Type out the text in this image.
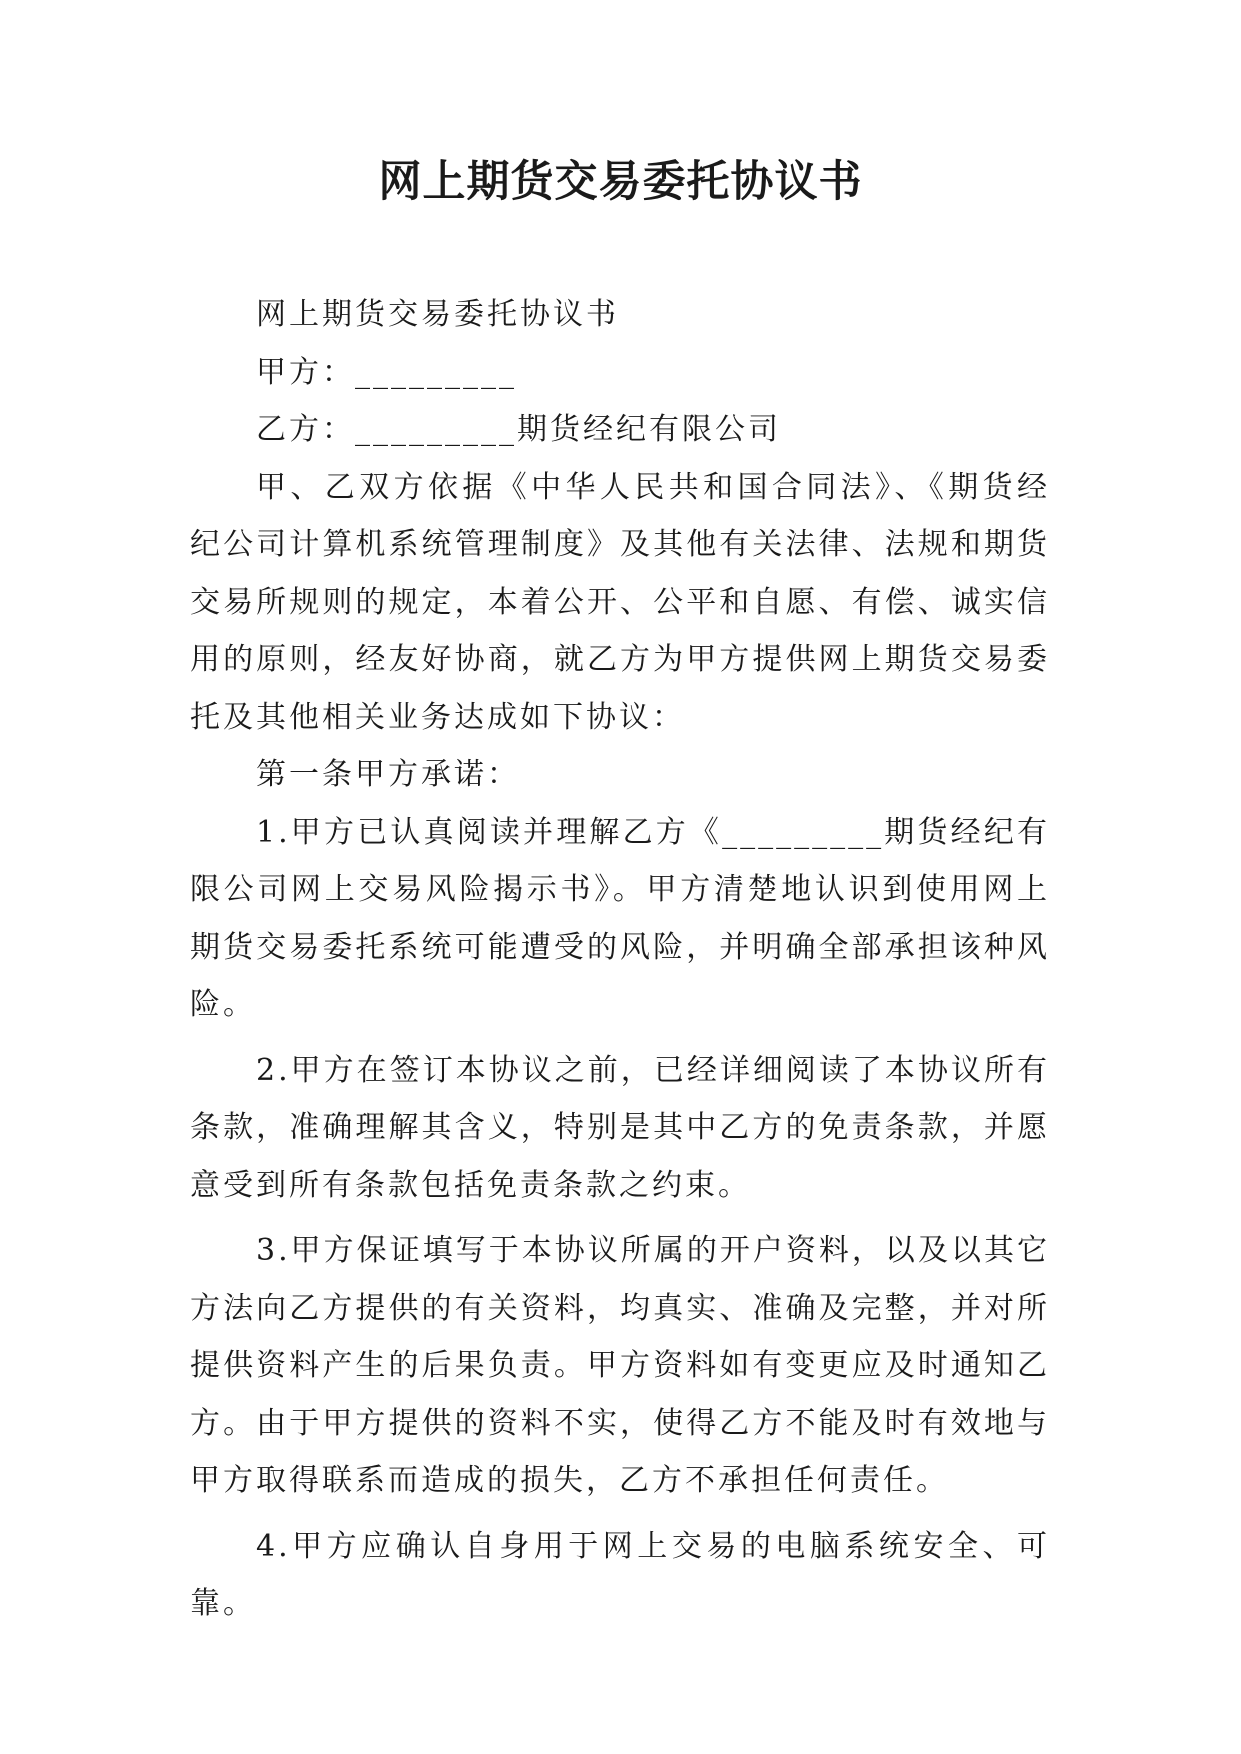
网上期货交易委托协议书

网上期货交易委托协议书

甲方：_________

乙方：_________期货经纪有限公司

甲、乙双方依据《中华人民共和国合同法》、《期货经纪公司计算机系统管理制度》及其他有关法律、法规和期货交易所规则的规定，本着公开、公平和自愿、有偿、诚实信用的原则，经友好协商，就乙方为甲方提供网上期货交易委托及其他相关业务达成如下协议：

第一条甲方承诺：

1.甲方已认真阅读并理解乙方《_________期货经纪有限公司网上交易风险揭示书》。甲方清楚地认识到使用网上期货交易委托系统可能遭受的风险，并明确全部承担该种风险。

2.甲方在签订本协议之前，已经详细阅读了本协议所有条款，准确理解其含义，特别是其中乙方的免责条款，并愿意受到所有条款包括免责条款之约束。

3.甲方保证填写于本协议所属的开户资料，以及以其它方法向乙方提供的有关资料，均真实、准确及完整，并对所提供资料产生的后果负责。甲方资料如有变更应及时通知乙方。由于甲方提供的资料不实，使得乙方不能及时有效地与甲方取得联系而造成的损失，乙方不承担任何责任。

4.甲方应确认自身用于网上交易的电脑系统安全、可靠。
